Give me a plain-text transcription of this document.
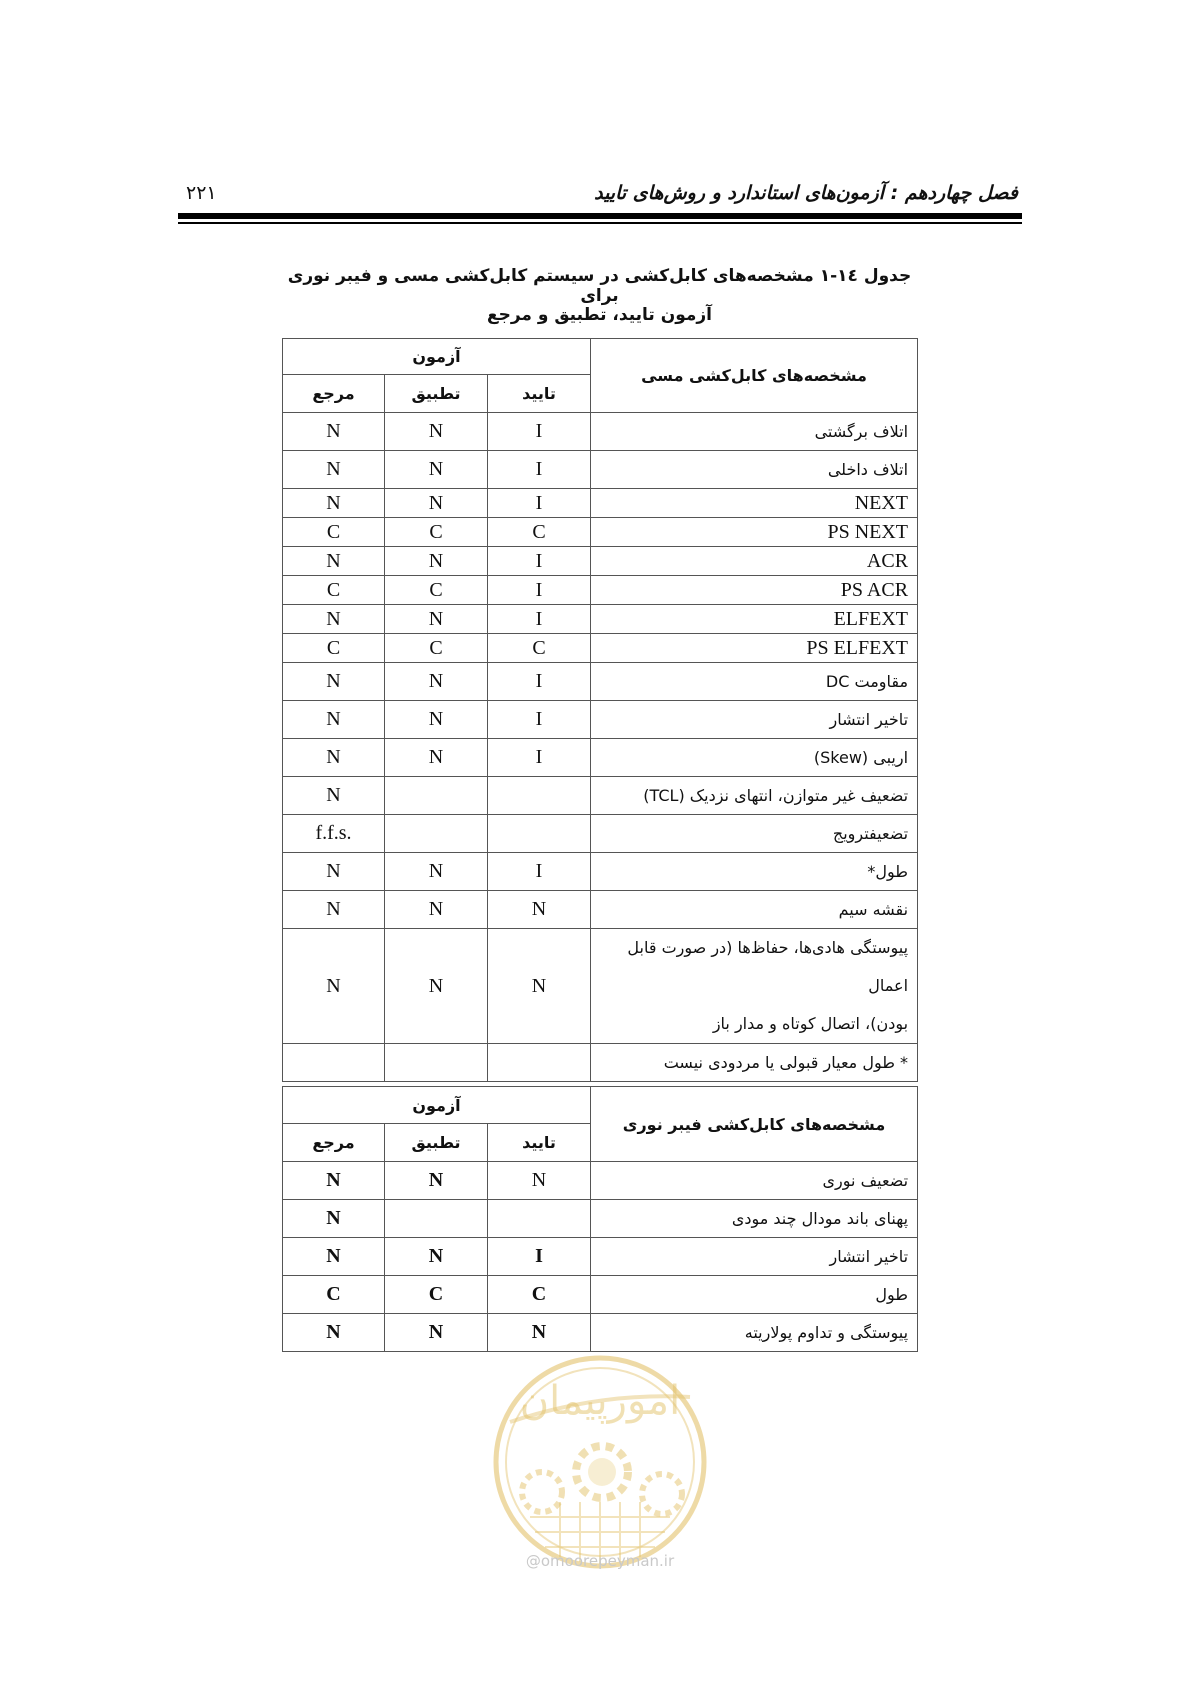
۲۲۱	فصل چهاردهم : آزمون‌های استاندارد و روش‌های تایید
جدول ١٤-١ مشخصه‌های کابل‌کشی در سیستم کابل‌کشی مسی و فیبر نوری برای
آزمون تایید، تطبیق و مرجع
آزمون			مشخصه‌های کابل‌کشی مسی
مرجع	تطبیق	تایید	
N	N	I	اتلاف برگشتی
N	N	I	اتلاف داخلی
N	N	I	NEXT
C	C	C	PS NEXT
N	N	I	ACR
C	C	I	PS ACR
N	N	I	ELFEXT
C	C	C	PS ELFEXT
N	N	I	مقاومت DC
N	N	I	تاخیر انتشار
N	N	I	اریبی (Skew)
N			تضعیف غیر متوازن، انتهای نزدیک (TCL)
f.f.s.			تضعیفترویج
N	N	I	طول*
N	N	N	نقشه سیم
N	N	N	پیوستگی هادی‌ها، حفاظ‌ها (در صورت قابل اعمال
بودن)، اتصال کوتاه و مدار باز

			* طول معیار قبولی یا مردودی نیست
آزمون			مشخصه‌های کابل‌کشی فیبر نوری
مرجع	تطبیق	تایید	
N	N	N	تضعیف نوری
N			پهنای باند مودال چند مودی
N	N	I	تاخیر انتشار
C	C	C	طول
N	N	N	پیوستگی و تداوم پولاریته
امورپیمان
@omoorepeyman.ir
